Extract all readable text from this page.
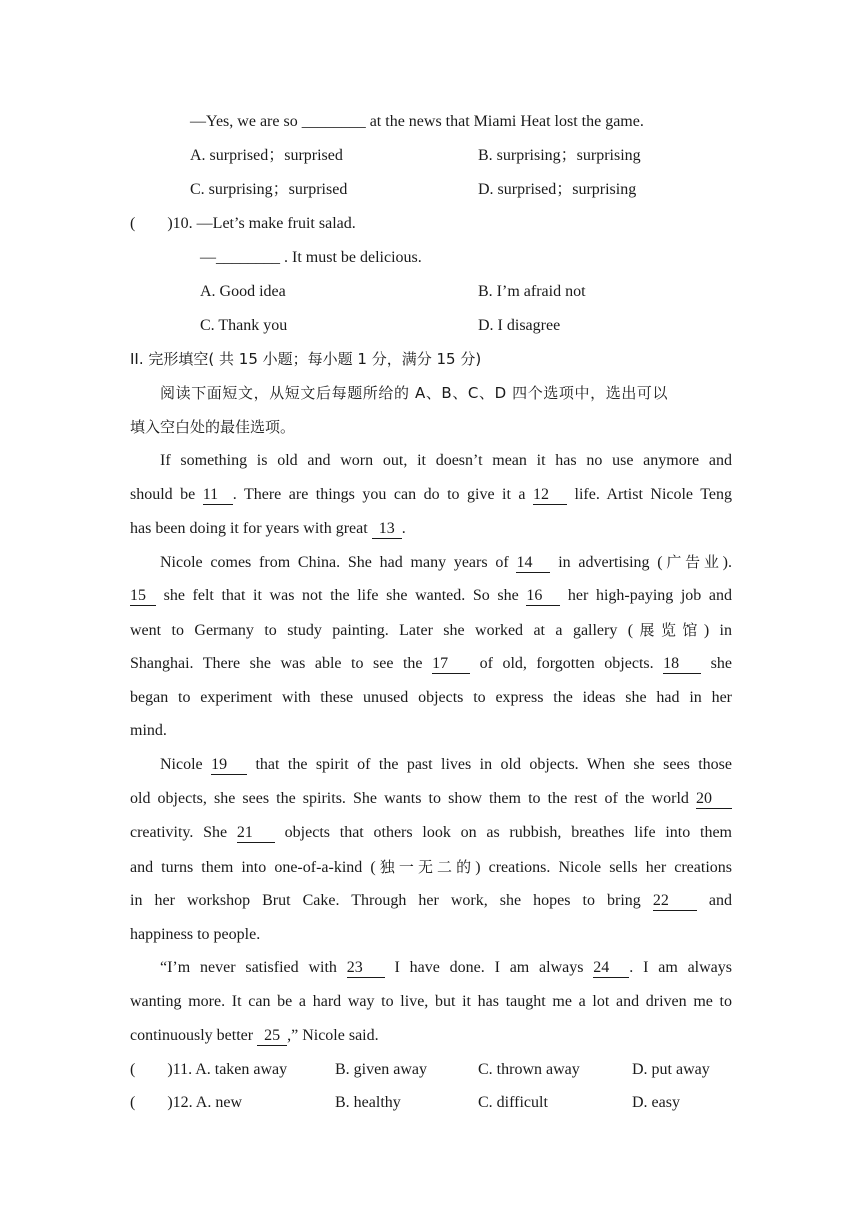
—Yes, we are so ________ at the news that Miami Heat lost the game.
A. surprised；surprised	B. surprising；surprising
C. surprising；surprised	D. surprised；surprising
(　　)10. —Let’s make fruit salad.
—________ . It must be delicious.
A. Good idea	B. I’m afraid not
C. Thank you	D. I disagree
II. 完形填空( 共 15 小题；每小题 1 分，满分 15 分)
阅读下面短文，从短文后每题所给的 A、B、C、D 四个选项中，选出可以
填入空白处的最佳选项。
If something is old and worn out, it doesn’t mean it has no use anymore and
should be 11 . There are things you can do to give it a 12 life. Artist Nicole Teng
has been doing it for years with great 13 .
Nicole comes from China. She had many years of 14 in advertising (广告业).
15 she felt that it was not the life she wanted. So she 16 her high-paying job and
went to Germany to study painting. Later she worked at a gallery (展览馆) in
Shanghai. There she was able to see the 17 of old, forgotten objects. 18 she
began to experiment with these unused objects to express the ideas she had in her
mind.
Nicole 19 that the spirit of the past lives in old objects. When she sees those
old objects, she sees the spirits. She wants to show them to the rest of the world 20
creativity. She 21 objects that others look on as rubbish, breathes life into them
and turns them into one-of-a-kind (独一无二的) creations. Nicole sells her creations
in her workshop Brut Cake. Through her work, she hopes to bring 22 and
happiness to people.
“I’m never satisfied with 23 I have done. I am always 24 . I am always
wanting more. It can be a hard way to live, but it has taught me a lot and driven me to
continuously better 25 ,” Nicole said.
(　　)11. A. taken away	B. given away	C. thrown away	D. put away
(　　)12. A. new	B. healthy	C. difficult	D. easy
